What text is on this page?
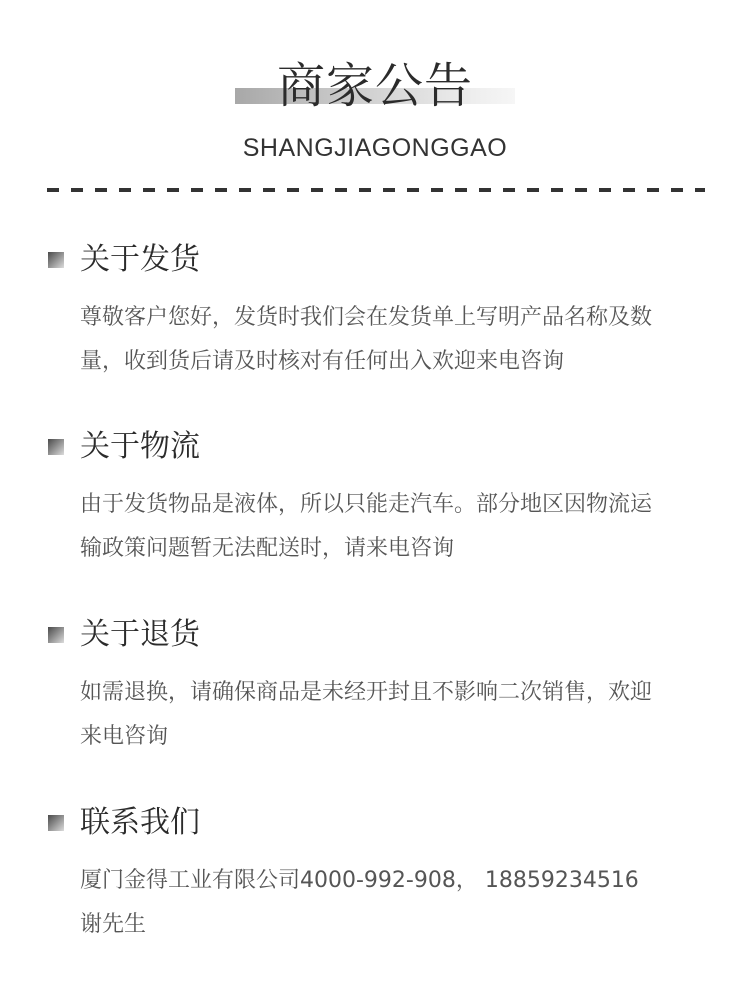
商家公告
SHANGJIAGONGGAO
关于发货
尊敬客户您好，发货时我们会在发货单上写明产品名称及数
量，收到货后请及时核对有任何出入欢迎来电咨询
关于物流
由于发货物品是液体，所以只能走汽车。部分地区因物流运
输政策问题暂无法配送时，请来电咨询
关于退货
如需退换，请确保商品是未经开封且不影响二次销售，欢迎
来电咨询
联系我们
厦门金得工业有限公司4000-992-908， 18859234516
谢先生
